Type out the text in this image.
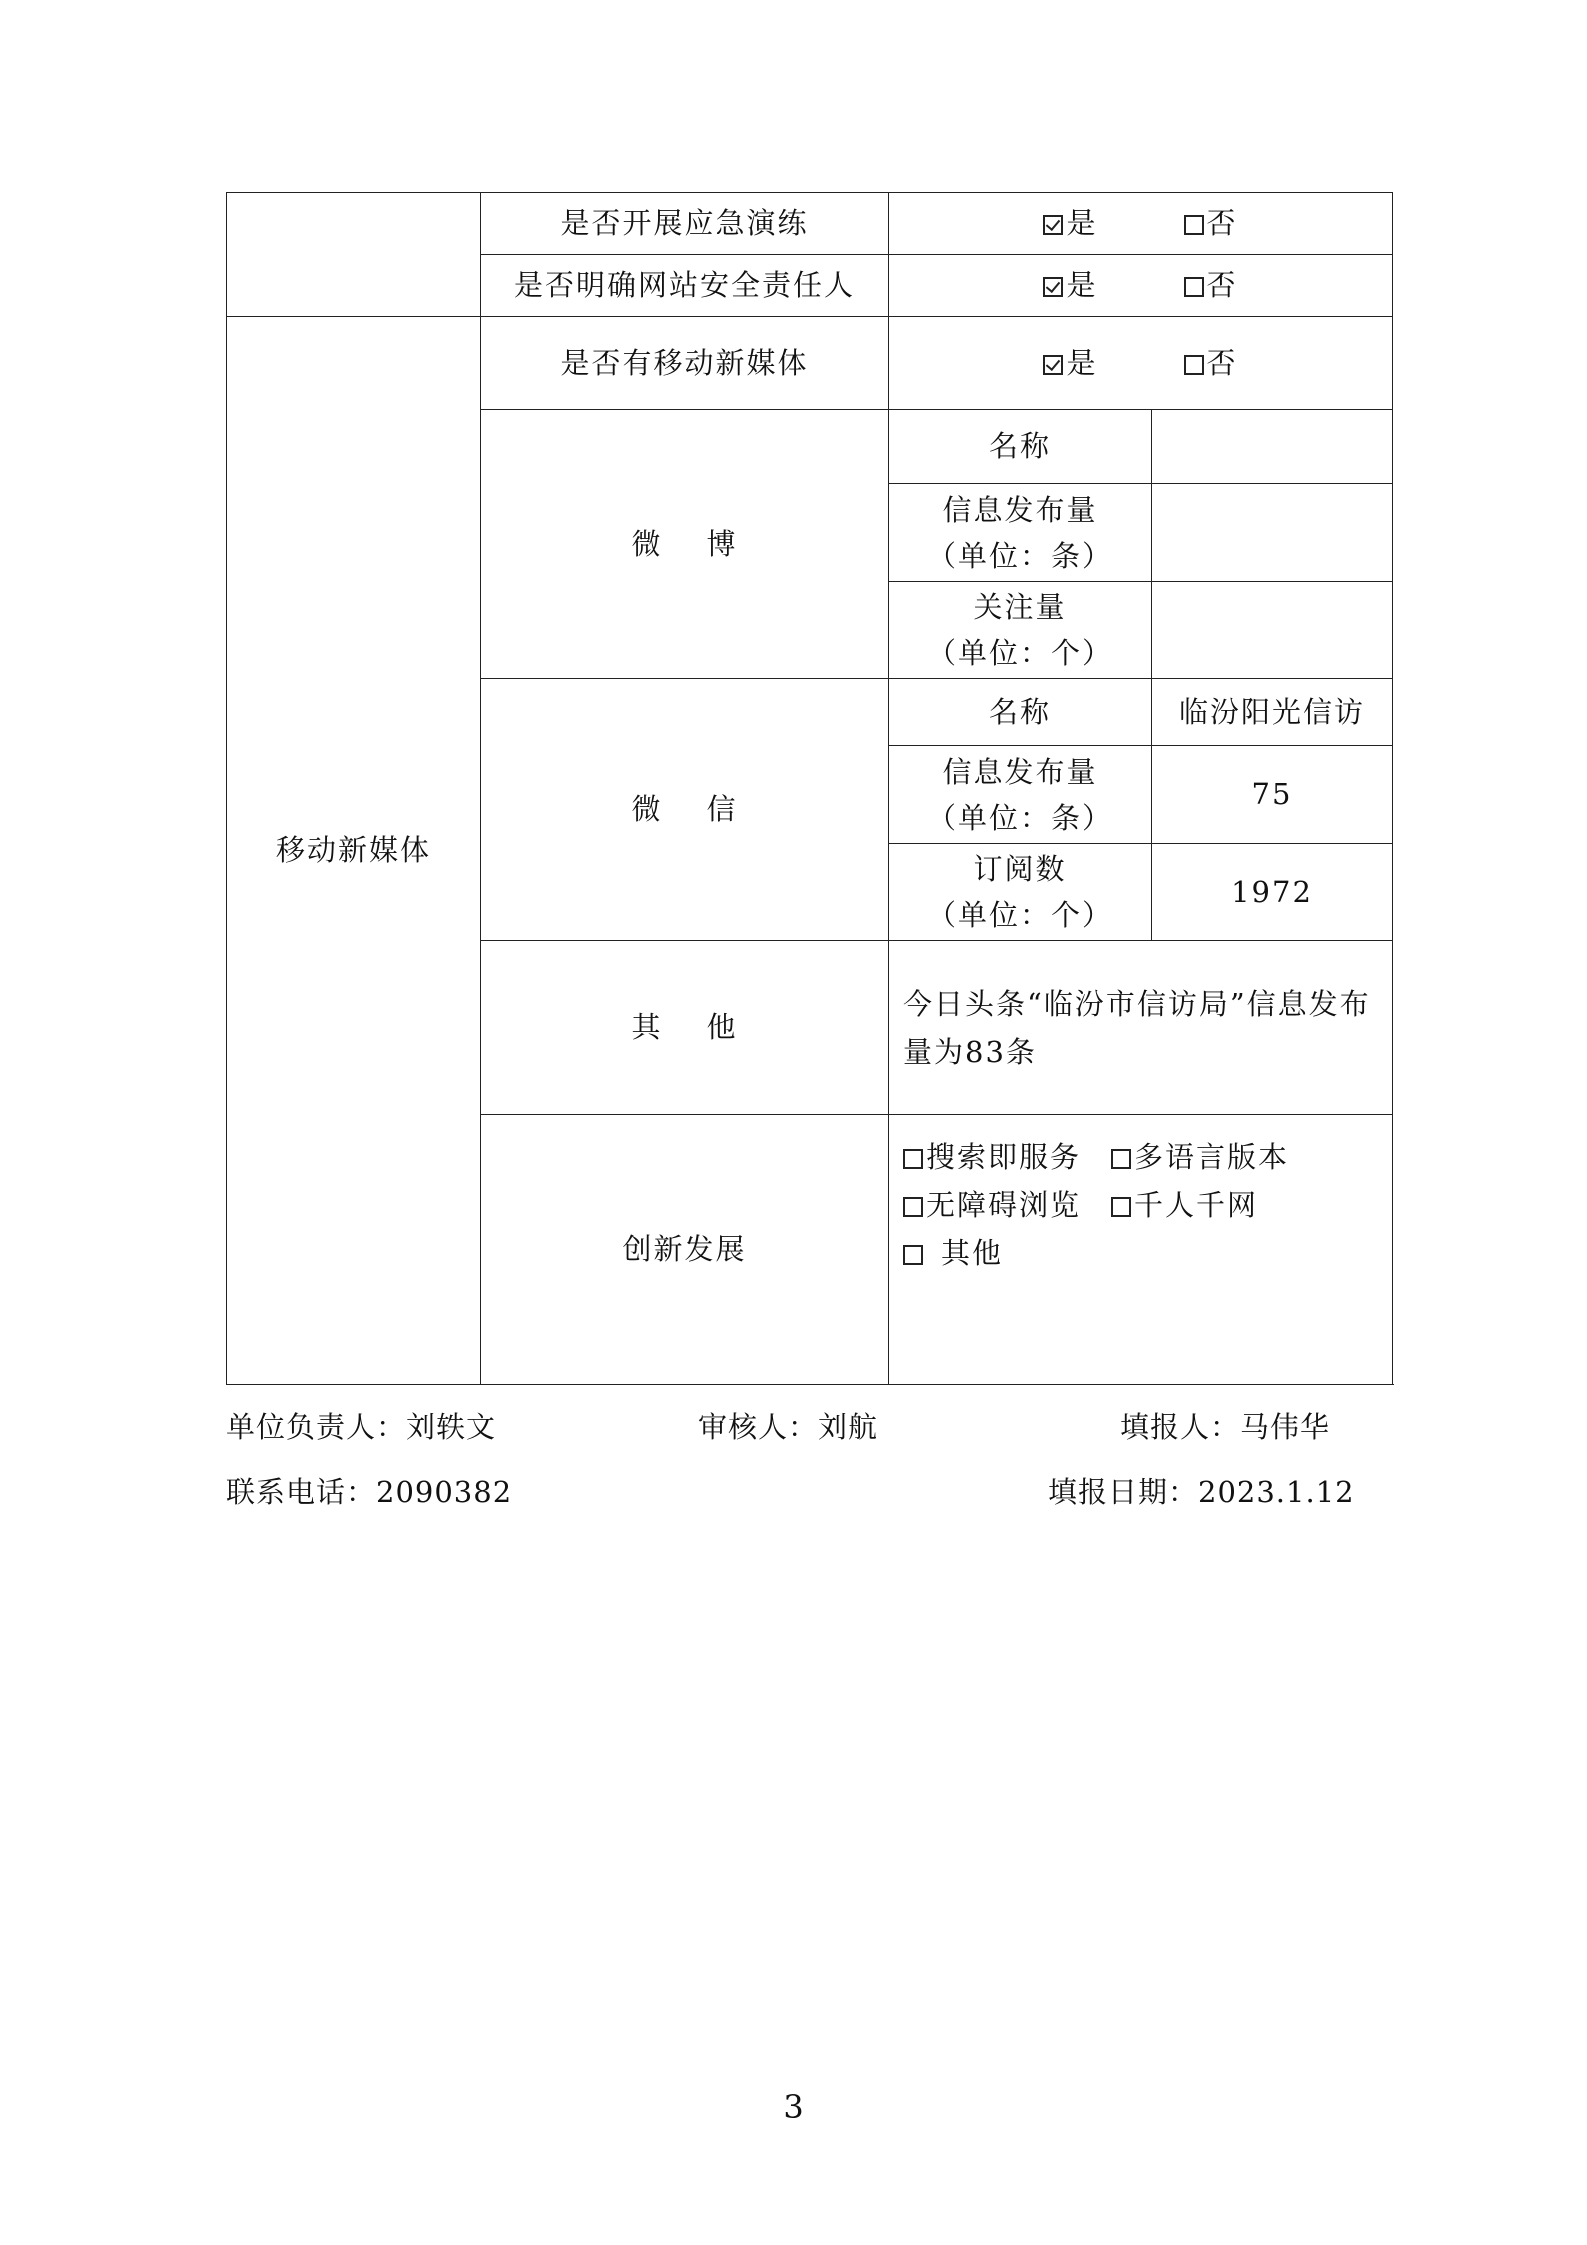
	是否开展应急演练	是 否	
	是否明确网站安全责任人	是 否	
移动新媒体	是否有移动新媒体	是 否	
	微 博	名称	

		信息发布量
（单位：条）	

		关注量
（单位：个）	

	微 信	名称	临汾阳光信访

		信息发布量
（单位：条）	75

		订阅数
（单位：个）	1972
	其 他	今日头条“临汾市信访局”信息发布量为83条	
	创新发展	搜索即服务 多语言版本无障碍浏览 千人千网
其他	
单位负责人：刘轶文	审核人：刘航	填报人：马伟华
联系电话：2090382	填报日期：2023.1.12
3
